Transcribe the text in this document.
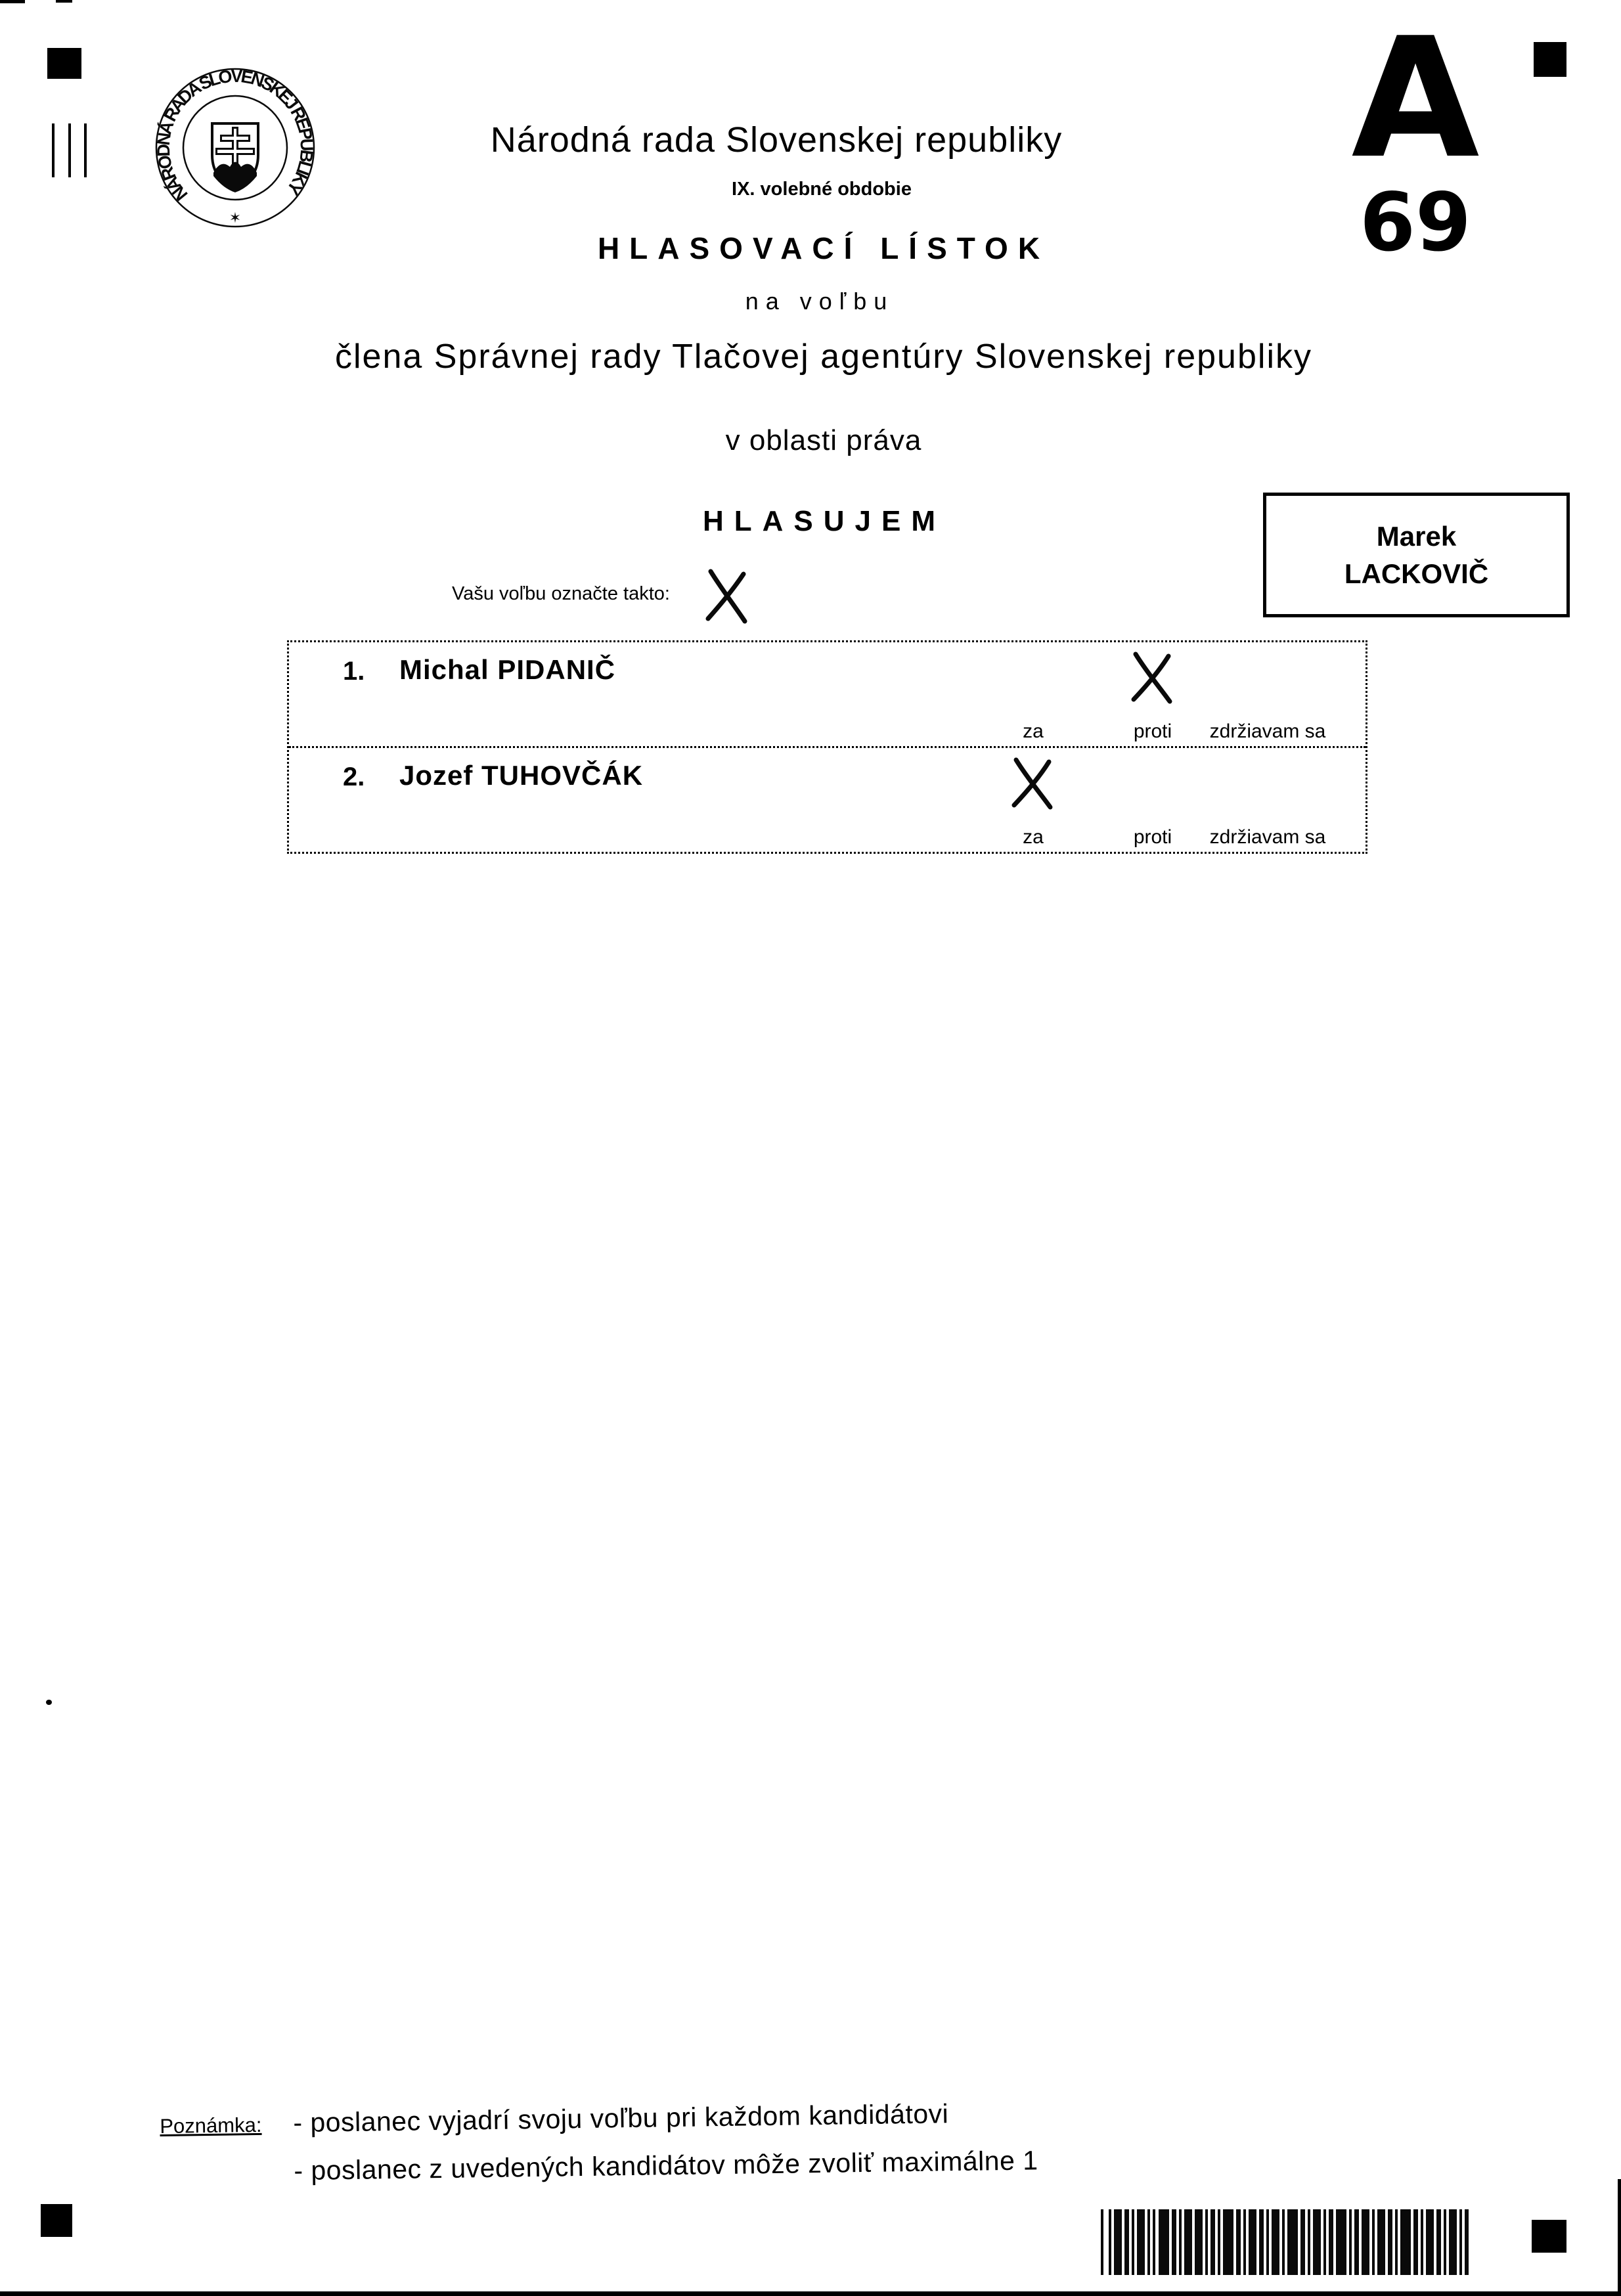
NÁRODNÁ RADA SLOVENSKEJ REPUBLIKY
✶
A
69
Národná rada Slovenskej republiky
IX. volebné obdobie
HLASOVACÍ LÍSTOK
na voľbu
člena Správnej rady Tlačovej agentúry Slovenskej republiky
v oblasti práva
HLASUJEM	Marek
LACKOVIČ
Vašu voľbu označte takto:
1. Michal PIDANIČ
za	proti zdržiavam sa
2. Jozef TUHOVČÁK
za	proti zdržiavam sa
Poznámka: - poslanec vyjadrí svoju voľbu pri každom kandidátovi
- poslanec z uvedených kandidátov môže zvoliť maximálne 1
